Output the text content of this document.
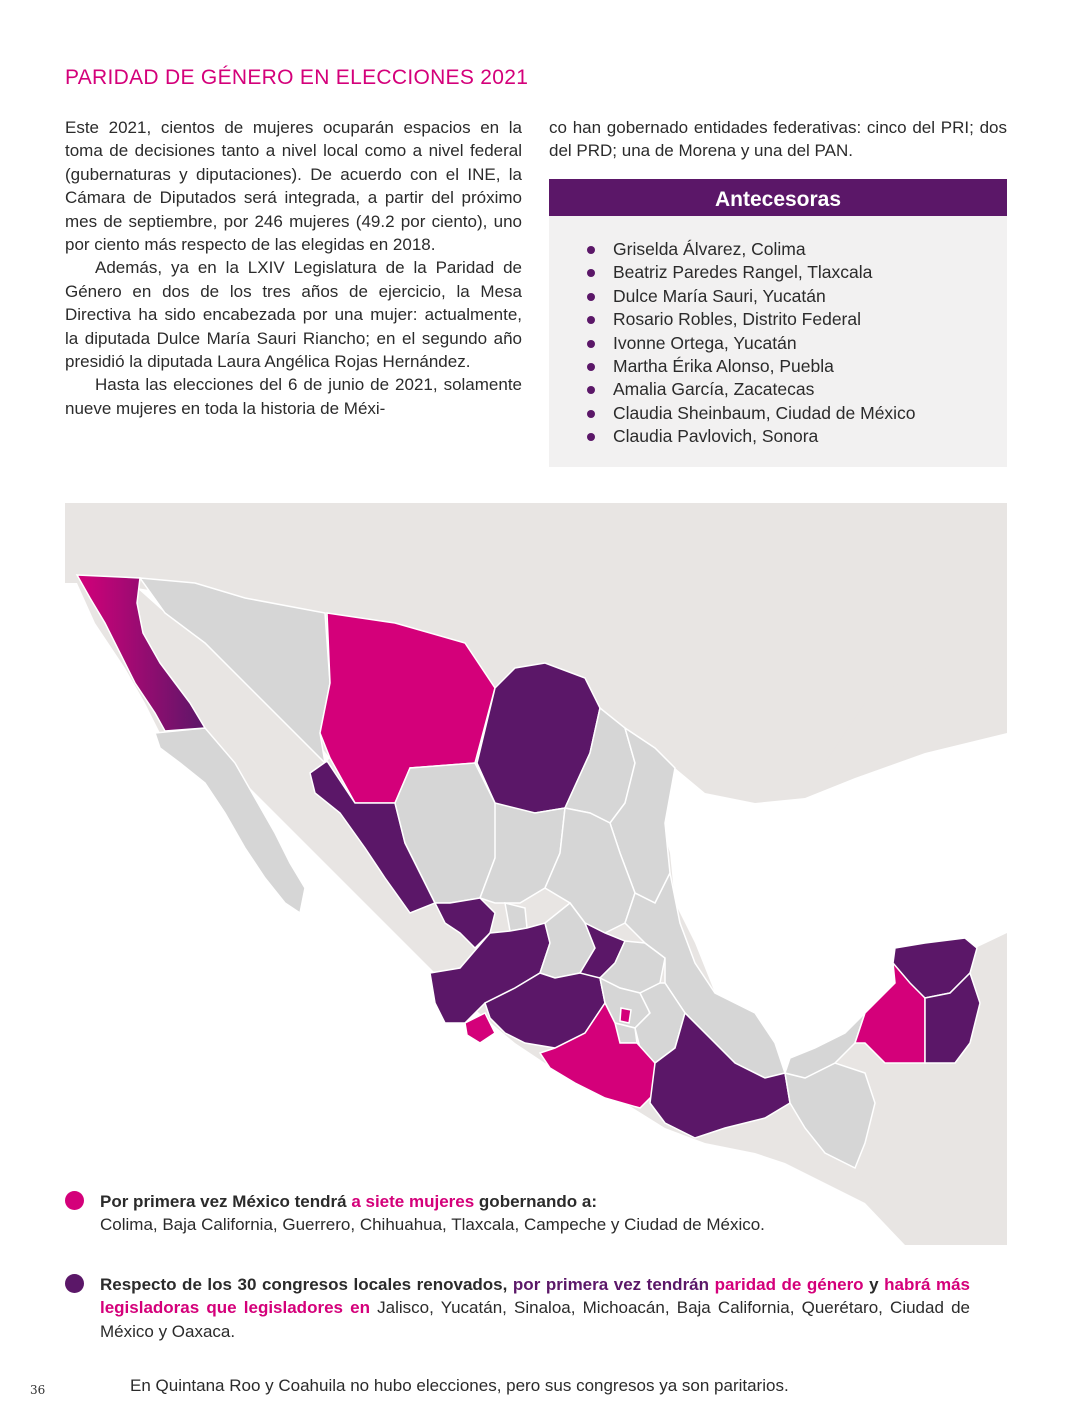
PARIDAD DE GÉNERO EN ELECCIONES 2021

Este 2021, cientos de mujeres ocuparán espacios en la toma de decisiones tanto a nivel local como a nivel federal (gubernaturas y diputaciones). De acuerdo con el INE, la Cámara de Diputados será integrada, a partir del próximo mes de septiembre, por 246 mujeres (49.2 por ciento), uno por ciento más respecto de las elegidas en 2018.

Además, ya en la LXIV Legislatura de la Paridad de Género en dos de los tres años de ejercicio, la Mesa Directiva ha sido encabezada por una mujer: actualmente, la diputada Dulce María Sauri Riancho; en el segundo año presidió la diputada Laura Angélica Rojas Hernández.

Hasta las elecciones del 6 de junio de 2021, solamente nueve mujeres en toda la historia de Méxi-

co han gobernado entidades federativas: cinco del PRI; dos del PRD; una de Morena y una del PAN.

Antecesoras
Griselda Álvarez, Colima
Beatriz Paredes Rangel, Tlaxcala
Dulce María Sauri, Yucatán
Rosario Robles, Distrito Federal
Ivonne Ortega, Yucatán
Martha Érika Alonso, Puebla
Amalia García, Zacatecas
Claudia Sheinbaum, Ciudad de México
Claudia Pavlovich, Sonora
Por primera vez México tendrá a siete mujeres gobernando a:
Colima, Baja California, Guerrero, Chihuahua, Tlaxcala, Campeche y Ciudad de México.
Respecto de los 30 congresos locales renovados, por primera vez tendrán paridad de género y habrá más legisladoras que legisladores en Jalisco, Yucatán, Sinaloa, Michoacán, Baja California, Querétaro, Ciudad de México y Oaxaca.

En Quintana Roo y Coahuila no hubo elecciones, pero sus congresos ya son paritarios.

36
